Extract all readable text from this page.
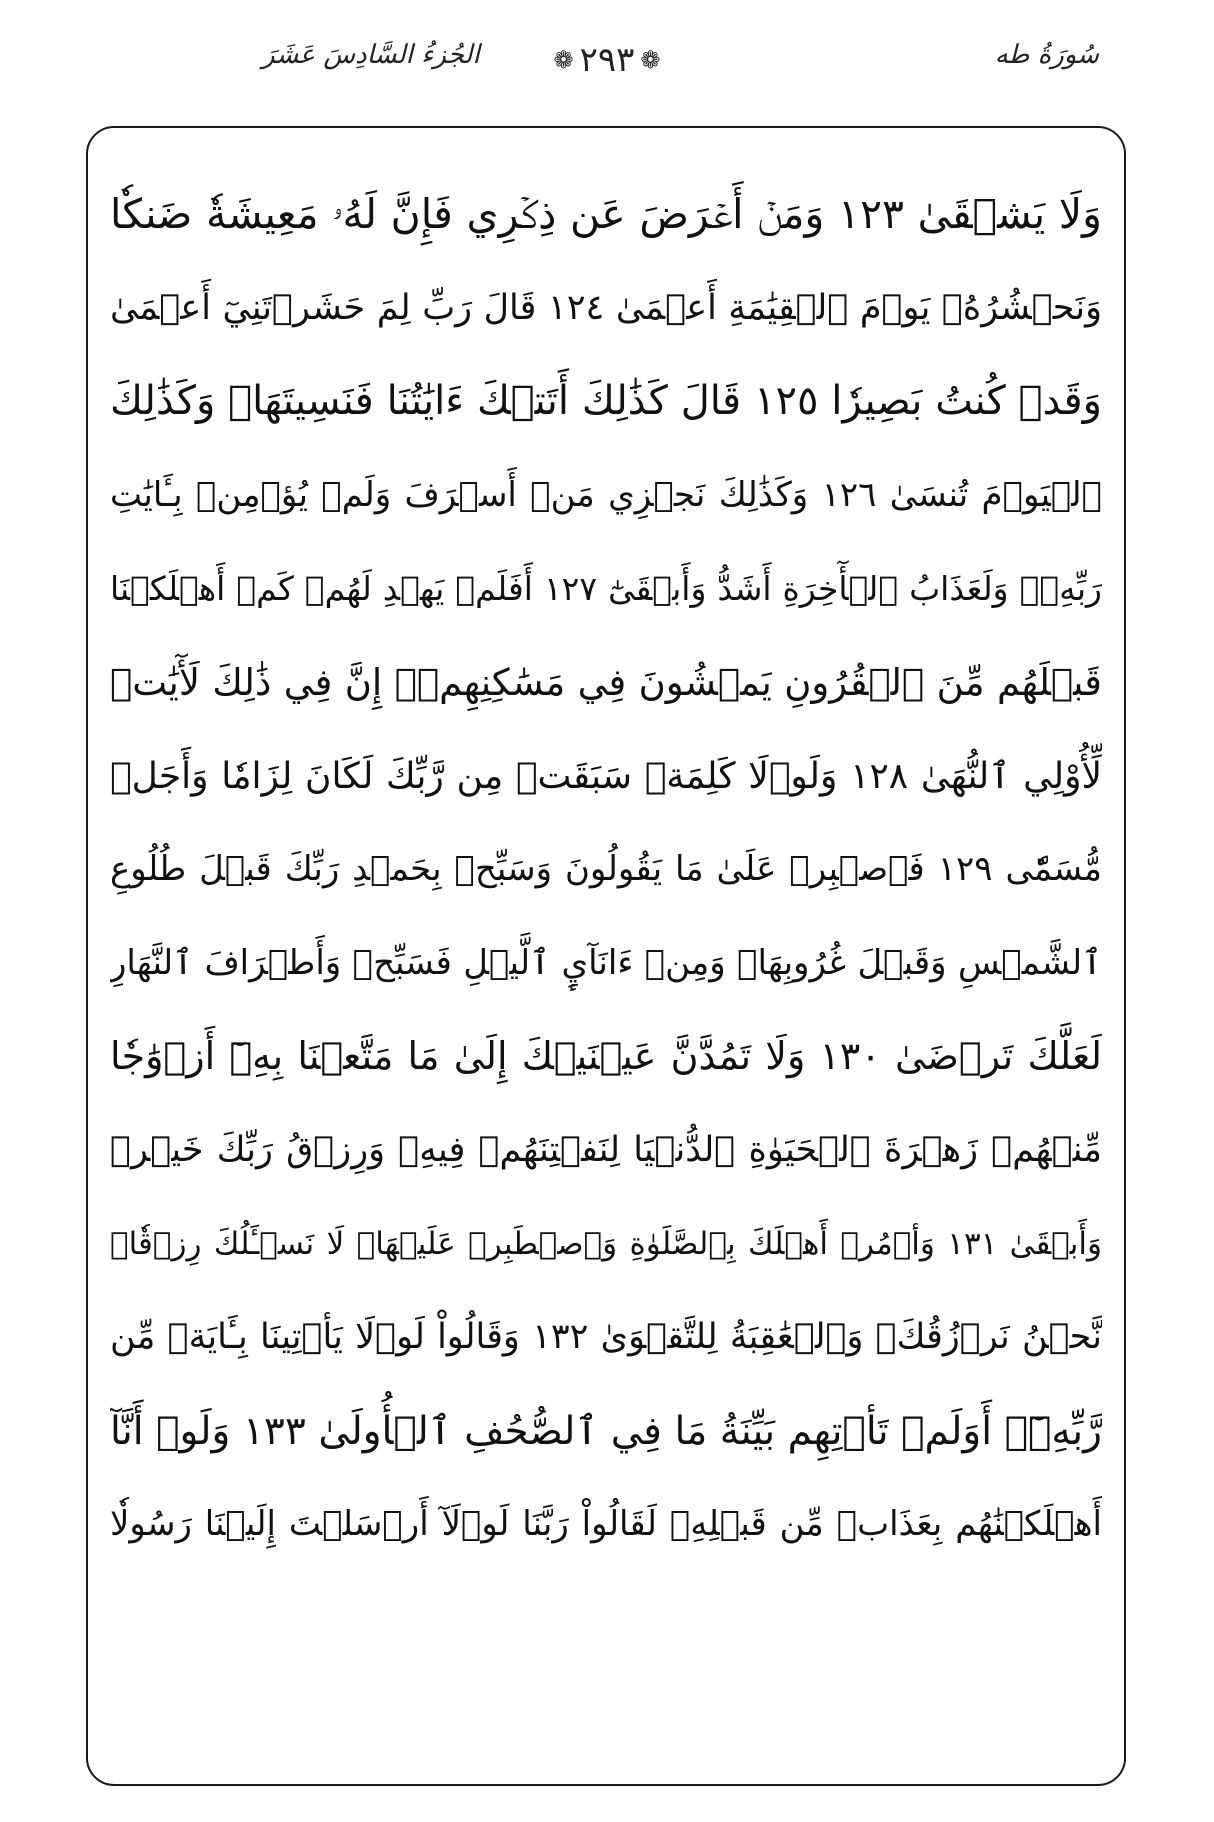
سُورَةُ طه
❁ ٢٩٣ ❁
الجُزءُ السَّادِسَ عَشَرَ
وَلَا يَشۡقَىٰ ١٢٣ وَمَنۡ أَعۡرَضَ عَن ذِكۡرِي فَإِنَّ لَهُۥ مَعِيشَةٗ ضَنكٗا
وَنَحۡشُرُهُۥ يَوۡمَ ٱلۡقِيَٰمَةِ أَعۡمَىٰ ١٢٤ قَالَ رَبِّ لِمَ حَشَرۡتَنِيٓ أَعۡمَىٰ
وَقَدۡ كُنتُ بَصِيرٗا ١٢٥ قَالَ كَذَٰلِكَ أَتَتۡكَ ءَايَٰتُنَا فَنَسِيتَهَاۖ وَكَذَٰلِكَ
ٱلۡيَوۡمَ تُنسَىٰ ١٢٦ وَكَذَٰلِكَ نَجۡزِي مَنۡ أَسۡرَفَ وَلَمۡ يُؤۡمِنۢ بِـَٔايَٰتِ
رَبِّهِۦۚ وَلَعَذَابُ ٱلۡأٓخِرَةِ أَشَدُّ وَأَبۡقَىٰٓ ١٢٧ أَفَلَمۡ يَهۡدِ لَهُمۡ كَمۡ أَهۡلَكۡنَا
قَبۡلَهُم مِّنَ ٱلۡقُرُونِ يَمۡشُونَ فِي مَسَٰكِنِهِمۡۗ إِنَّ فِي ذَٰلِكَ لَأٓيَٰتٖ
لِّأُوْلِي ٱلنُّهَىٰ ١٢٨ وَلَوۡلَا كَلِمَةٞ سَبَقَتۡ مِن رَّبِّكَ لَكَانَ لِزَامٗا وَأَجَلٞ
مُّسَمّٗى ١٢٩ فَٱصۡبِرۡ عَلَىٰ مَا يَقُولُونَ وَسَبِّحۡ بِحَمۡدِ رَبِّكَ قَبۡلَ طُلُوعِ
ٱلشَّمۡسِ وَقَبۡلَ غُرُوبِهَاۖ وَمِنۡ ءَانَآيِٕ ٱلَّيۡلِ فَسَبِّحۡ وَأَطۡرَافَ ٱلنَّهَارِ
لَعَلَّكَ تَرۡضَىٰ ١٣٠ وَلَا تَمُدَّنَّ عَيۡنَيۡكَ إِلَىٰ مَا مَتَّعۡنَا بِهِۦٓ أَزۡوَٰجٗا
مِّنۡهُمۡ زَهۡرَةَ ٱلۡحَيَوٰةِ ٱلدُّنۡيَا لِنَفۡتِنَهُمۡ فِيهِۚ وَرِزۡقُ رَبِّكَ خَيۡرٞ
وَأَبۡقَىٰ ١٣١ وَأۡمُرۡ أَهۡلَكَ بِٱلصَّلَوٰةِ وَٱصۡطَبِرۡ عَلَيۡهَاۖ لَا نَسۡـَٔلُكَ رِزۡقٗاۖ
نَّحۡنُ نَرۡزُقُكَۗ وَٱلۡعَٰقِبَةُ لِلتَّقۡوَىٰ ١٣٢ وَقَالُواْ لَوۡلَا يَأۡتِينَا بِـَٔايَةٖ مِّن
رَّبِّهِۦٓۚ أَوَلَمۡ تَأۡتِهِم بَيِّنَةُ مَا فِي ٱلصُّحُفِ ٱلۡأُولَىٰ ١٣٣ وَلَوۡ أَنَّآ
أَهۡلَكۡنَٰهُم بِعَذَابٖ مِّن قَبۡلِهِۦ لَقَالُواْ رَبَّنَا لَوۡلَآ أَرۡسَلۡتَ إِلَيۡنَا رَسُولٗا
